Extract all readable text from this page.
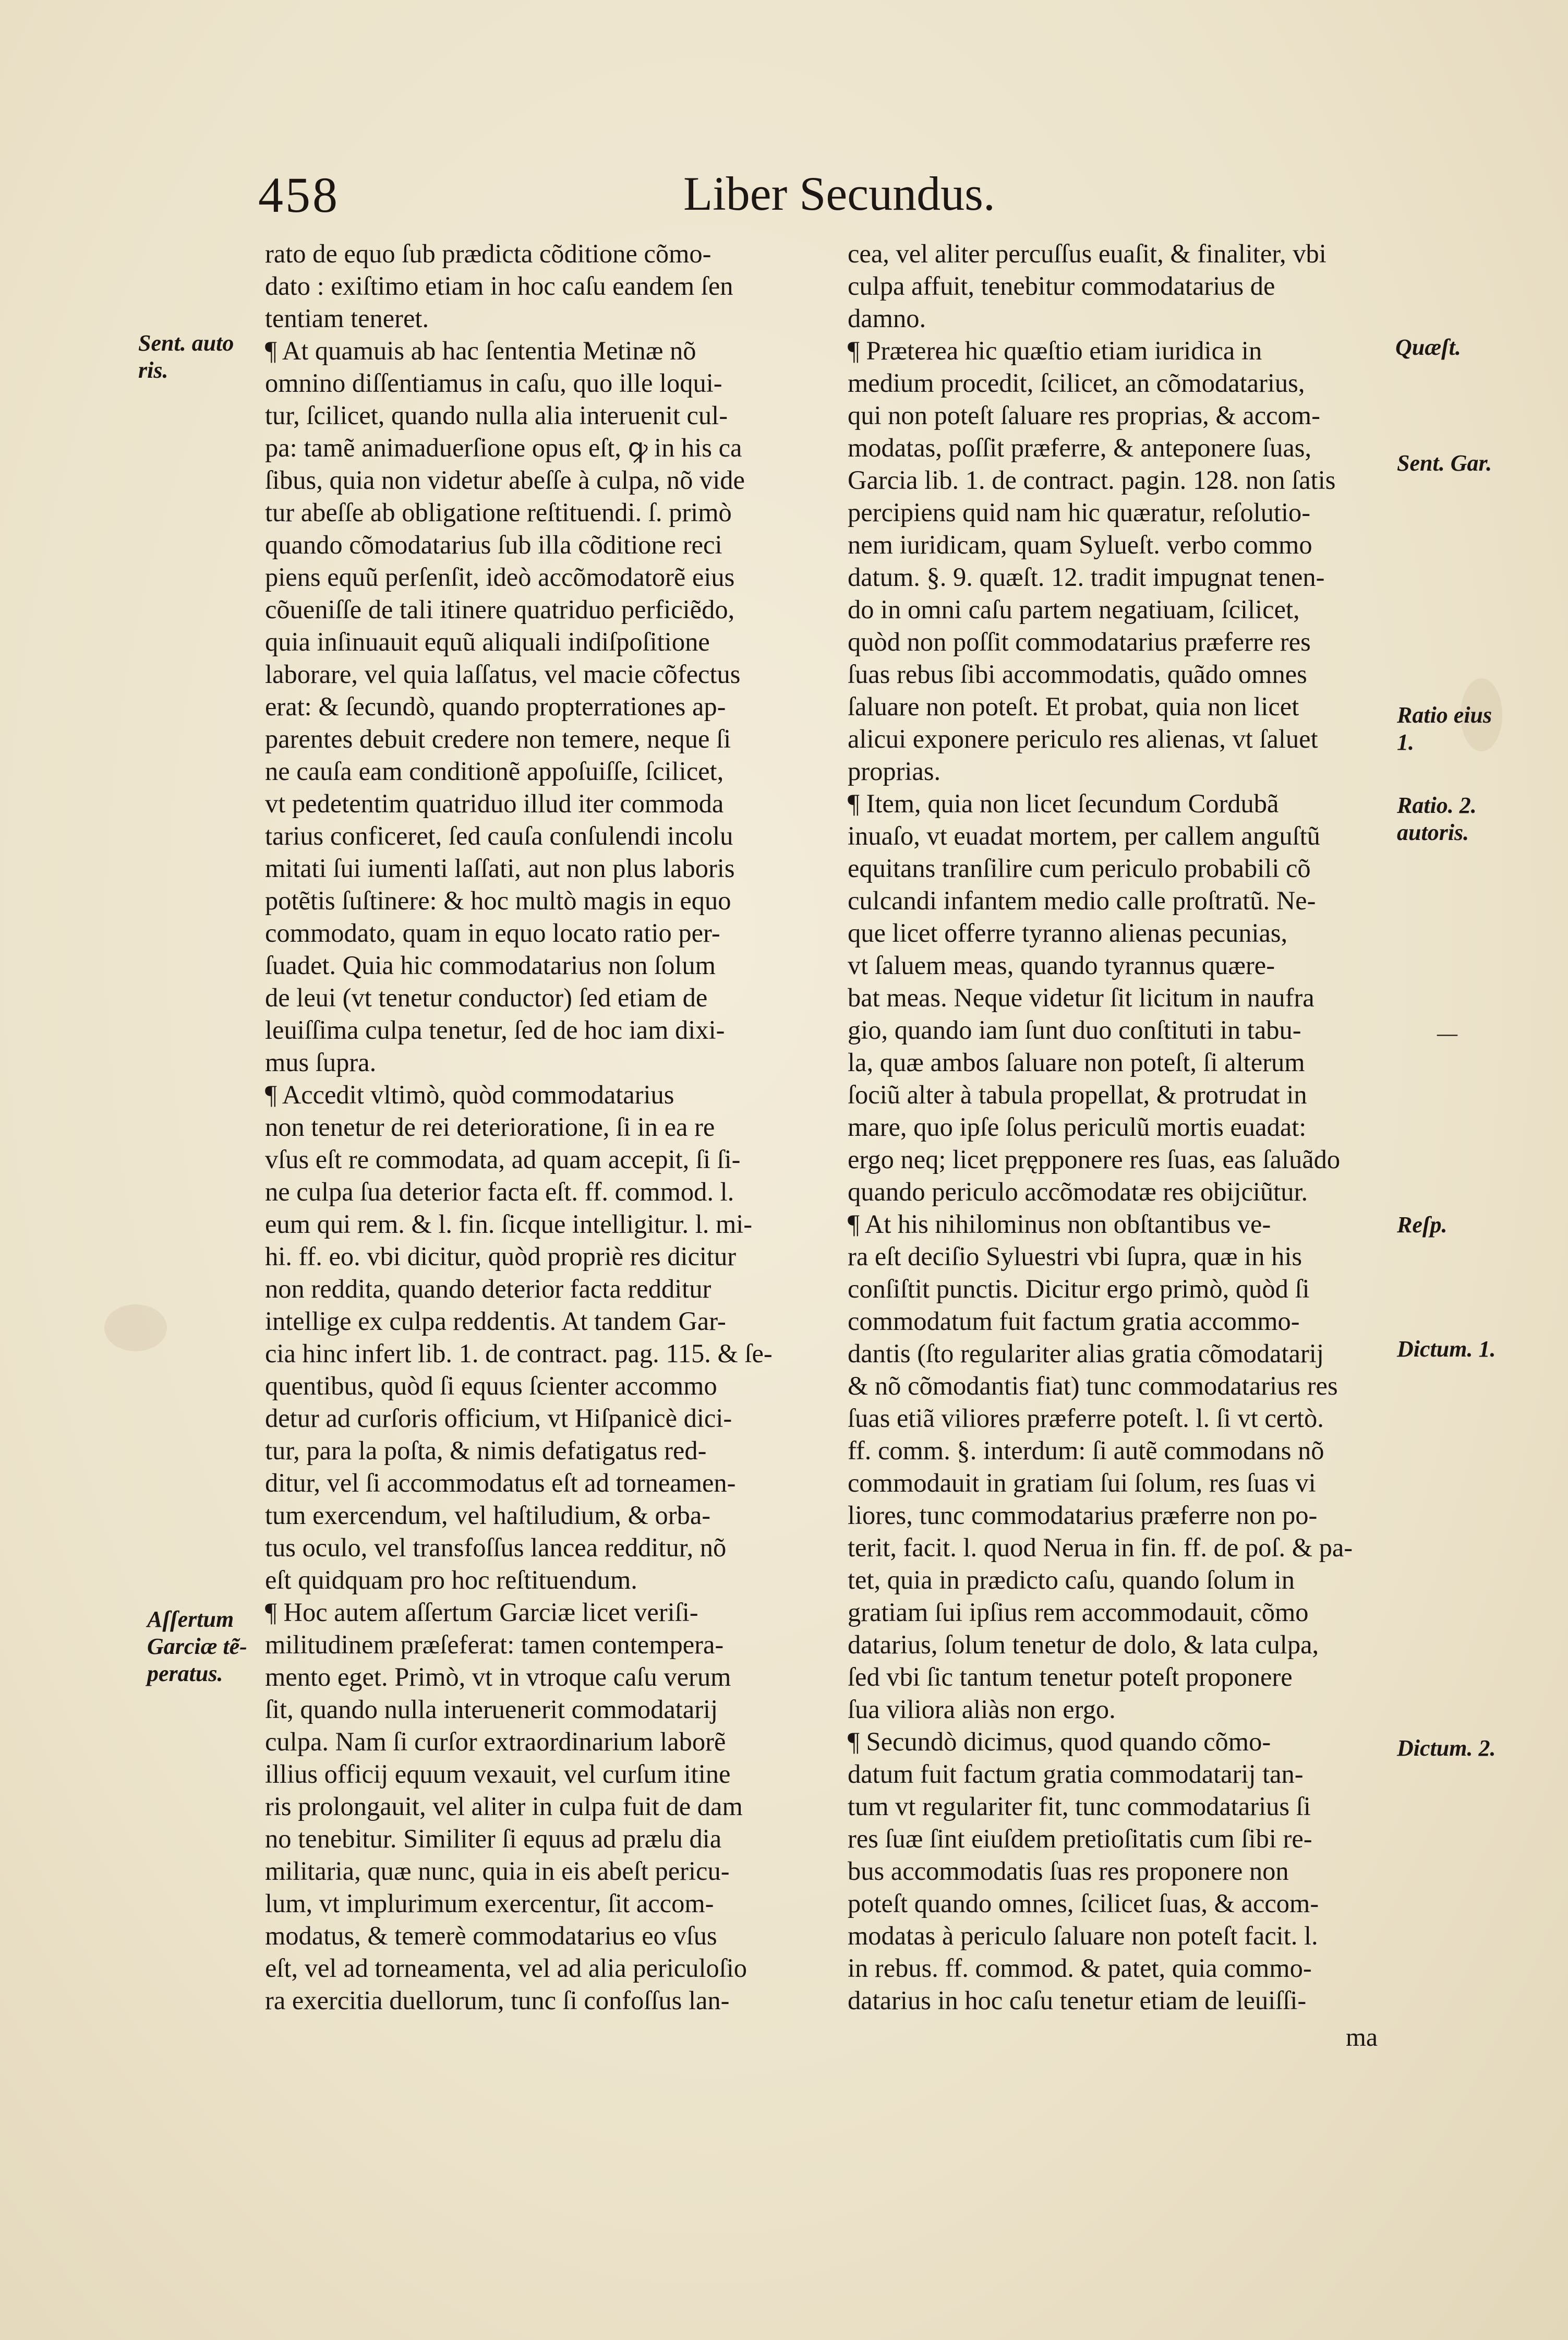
458	Liber Secundus.
Sent. auto
ris.
Aſſertum
Garciæ tẽ-
peratus.
Quæſt.
Sent. Gar.
Ratio eius
1.
Ratio. 2.
autoris.
—
Reſp.
Dictum. 1.
Dictum. 2.
rato de equo ſub prædicta cõditione cõmo-
dato : exiſtimo etiam in hoc caſu eandem ſen
tentiam teneret.
¶ At quamuis ab hac ſententia Metinæ nõ
omnino diſſentiamus in caſu, quo ille loqui-
tur, ſcilicet, quando nulla alia interuenit cul-
pa: tamẽ animaduerſione opus eſt, ꝙ in his ca
ſibus, quia non videtur abeſſe à culpa, nõ vide
tur abeſſe ab obligatione reſtituendi. ſ. primò
quando cõmodatarius ſub illa cõditione reci
piens equũ perſenſit, ideò accõmodatorẽ eius
cõueniſſe de tali itinere quatriduo perficiẽdo,
quia inſinuauit equũ aliquali indiſpoſitione
laborare, vel quia laſſatus, vel macie cõfectus
erat: & ſecundò, quando propterrationes ap-
parentes debuit credere non temere, neque ſi
ne cauſa eam conditionẽ appoſuiſſe, ſcilicet,
vt pedetentim quatriduo illud iter commoda
tarius conficeret, ſed cauſa conſulendi incolu
mitati ſui iumenti laſſati, aut non plus laboris
potẽtis ſuſtinere: & hoc multò magis in equo
commodato, quam in equo locato ratio per-
ſuadet. Quia hic commodatarius non ſolum
de leui (vt tenetur conductor) ſed etiam de
leuiſſima culpa tenetur, ſed de hoc iam dixi-
mus ſupra.
¶ Accedit vltimò, quòd commodatarius
non tenetur de rei deterioratione, ſi in ea re
vſus eſt re commodata, ad quam accepit, ſi ſi-
ne culpa ſua deterior facta eſt. ff. commod. l.
eum qui rem. & l. fin. ſicque intelligitur. l. mi-
hi. ff. eo. vbi dicitur, quòd propriè res dicitur
non reddita, quando deterior facta redditur
intellige ex culpa reddentis. At tandem Gar-
cia hinc infert lib. 1. de contract. pag. 115. & ſe-
quentibus, quòd ſi equus ſcienter accommo
detur ad curſoris officium, vt Hiſpanicè dici-
tur, para la poſta, & nimis defatigatus red-
ditur, vel ſi accommodatus eſt ad torneamen-
tum exercendum, vel haſtiludium, & orba-
tus oculo, vel transfoſſus lancea redditur, nõ
eſt quidquam pro hoc reſtituendum.
¶ Hoc autem aſſertum Garciæ licet veriſi-
militudinem præſeferat: tamen contempera-
mento eget. Primò, vt in vtroque caſu verum
ſit, quando nulla interuenerit commodatarij
culpa. Nam ſi curſor extraordinarium laborẽ
illius officij equum vexauit, vel curſum itine
ris prolongauit, vel aliter in culpa fuit de dam
no tenebitur. Similiter ſi equus ad prælu dia
militaria, quæ nunc, quia in eis abeſt pericu-
lum, vt implurimum exercentur, ſit accom-
modatus, & temerè commodatarius eo vſus
eſt, vel ad torneamenta, vel ad alia periculoſio
ra exercitia duellorum, tunc ſi confoſſus lan-
cea, vel aliter percuſſus euaſit, & finaliter, vbi
culpa affuit, tenebitur commodatarius de
damno.
¶ Præterea hic quæſtio etiam iuridica in
medium procedit, ſcilicet, an cõmodatarius,
qui non poteſt ſaluare res proprias, & accom-
modatas, poſſit præferre, & anteponere ſuas,
Garcia lib. 1. de contract. pagin. 128. non ſatis
percipiens quid nam hic quæratur, reſolutio-
nem iuridicam, quam Sylueſt. verbo commo
datum. §. 9. quæſt. 12. tradit impugnat tenen-
do in omni caſu partem negatiuam, ſcilicet,
quòd non poſſit commodatarius præferre res
ſuas rebus ſibi accommodatis, quãdo omnes
ſaluare non poteſt. Et probat, quia non licet
alicui exponere periculo res alienas, vt ſaluet
proprias.
¶ Item, quia non licet ſecundum Cordubã
inuaſo, vt euadat mortem, per callem anguſtũ
equitans tranſilire cum periculo probabili cõ
culcandi infantem medio calle proſtratũ. Ne-
que licet offerre tyranno alienas pecunias,
vt ſaluem meas, quando tyrannus quære-
bat meas. Neque videtur ſit licitum in naufra
gio, quando iam ſunt duo conſtituti in tabu-
la, quæ ambos ſaluare non poteſt, ſi alterum
ſociũ alter à tabula propellat, & protrudat in
mare, quo ipſe ſolus periculũ mortis euadat:
ergo neq; licet prępponere res ſuas, eas ſaluãdo
quando periculo accõmodatæ res obijciũtur.
¶ At his nihilominus non obſtantibus ve-
ra eſt deciſio Syluestri vbi ſupra, quæ in his
conſiſtit punctis. Dicitur ergo primò, quòd ſi
commodatum fuit factum gratia accommo-
dantis (ſto regulariter alias gratia cõmodatarij
& nõ cõmodantis fiat) tunc commodatarius res
ſuas etiã viliores præferre poteſt. l. ſi vt certò.
ff. comm. §. interdum: ſi autẽ commodans nõ
commodauit in gratiam ſui ſolum, res ſuas vi
liores, tunc commodatarius præferre non po-
terit, facit. l. quod Nerua in fin. ff. de poſ. & pa-
tet, quia in prædicto caſu, quando ſolum in
gratiam ſui ipſius rem accommodauit, cõmo
datarius, ſolum tenetur de dolo, & lata culpa,
ſed vbi ſic tantum tenetur poteſt proponere
ſua viliora aliàs non ergo.
¶ Secundò dicimus, quod quando cõmo-
datum fuit factum gratia commodatarij tan-
tum vt regulariter fit, tunc commodatarius ſi
res ſuæ ſint eiuſdem pretioſitatis cum ſibi re-
bus accommodatis ſuas res proponere non
poteſt quando omnes, ſcilicet ſuas, & accom-
modatas à periculo ſaluare non poteſt facit. l.
in rebus. ff. commod. & patet, quia commo-
datarius in hoc caſu tenetur etiam de leuiſſi-
ma
